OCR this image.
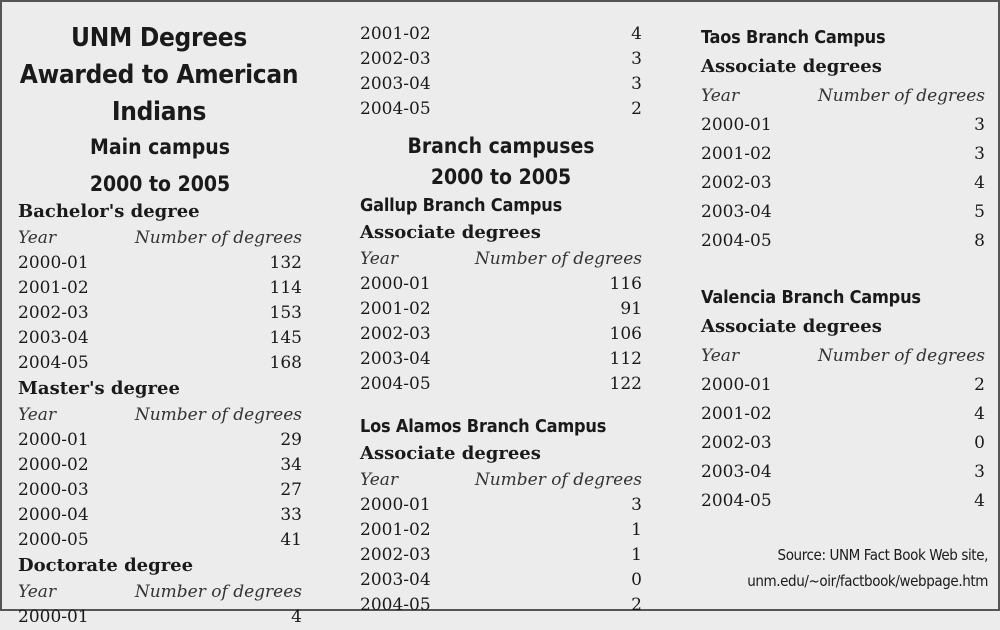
UNM Degrees Awarded to American Indians
Main campus
2000 to 2005
Bachelor's degree
Year	Number of degrees
2000-01	132
2001-02	114
2002-03	153
2003-04	145
2004-05	168
Master's degree
Year	Number of degrees
2000-01	29
2000-02	34
2000-03	27
2000-04	33
2000-05	41
Doctorate degree
Year	Number of degrees
2000-01	4
2001-02	4
2002-03	3
2003-04	3
2004-05	2
Branch campuses
2000 to 2005
Gallup Branch Campus
Associate degrees
Year	Number of degrees
2000-01	116
2001-02	91
2002-03	106
2003-04	112
2004-05	122
Los Alamos Branch Campus
Associate degrees
Year	Number of degrees
2000-01	3
2001-02	1
2002-03	1
2003-04	0
2004-05	2
Taos Branch Campus
Associate degrees
Year	Number of degrees
2000-01	3
2001-02	3
2002-03	4
2003-04	5
2004-05	8
Valencia Branch Campus
Associate degrees
Year	Number of degrees
2000-01	2
2001-02	4
2002-03	0
2003-04	3
2004-05	4
Source: UNM Fact Book Web site,
unm.edu/~oir/factbook/webpage.htm
